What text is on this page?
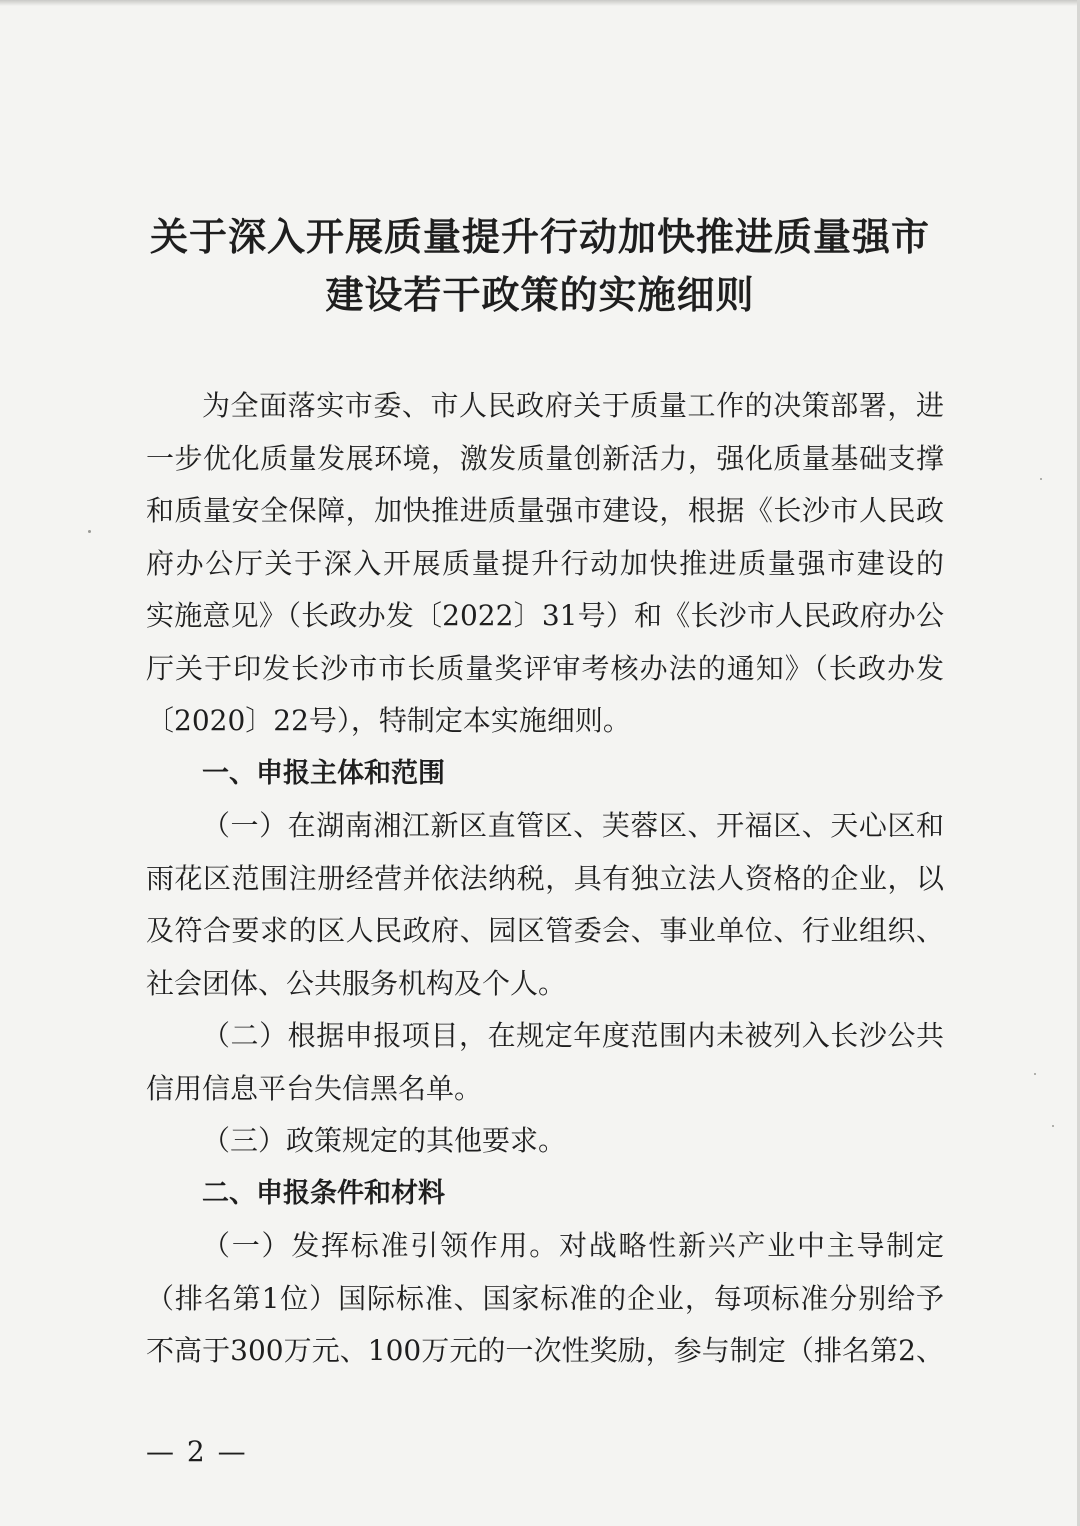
关于深入开展质量提升行动加快推进质量强市
建设若干政策的实施细则
为全面落实市委、市人民政府关于质量工作的决策部署，进
一步优化质量发展环境，激发质量创新活力，强化质量基础支撑
和质量安全保障，加快推进质量强市建设，根据《长沙市人民政
府办公厅关于深入开展质量提升行动加快推进质量强市建设的
实施意见》（长政办发〔2022〕31号）和《长沙市人民政府办公
厅关于印发长沙市市长质量奖评审考核办法的通知》（长政办发
〔2020〕22号），特制定本实施细则。
一、申报主体和范围
（一）在湖南湘江新区直管区、芙蓉区、开福区、天心区和
雨花区范围注册经营并依法纳税，具有独立法人资格的企业，以
及符合要求的区人民政府、园区管委会、事业单位、行业组织、
社会团体、公共服务机构及个人。
（二）根据申报项目，在规定年度范围内未被列入长沙公共
信用信息平台失信黑名单。
（三）政策规定的其他要求。
二、申报条件和材料
（一）发挥标准引领作用。对战略性新兴产业中主导制定
（排名第1位）国际标准、国家标准的企业，每项标准分别给予
不高于300万元、100万元的一次性奖励，参与制定（排名第2、
— 2 —
